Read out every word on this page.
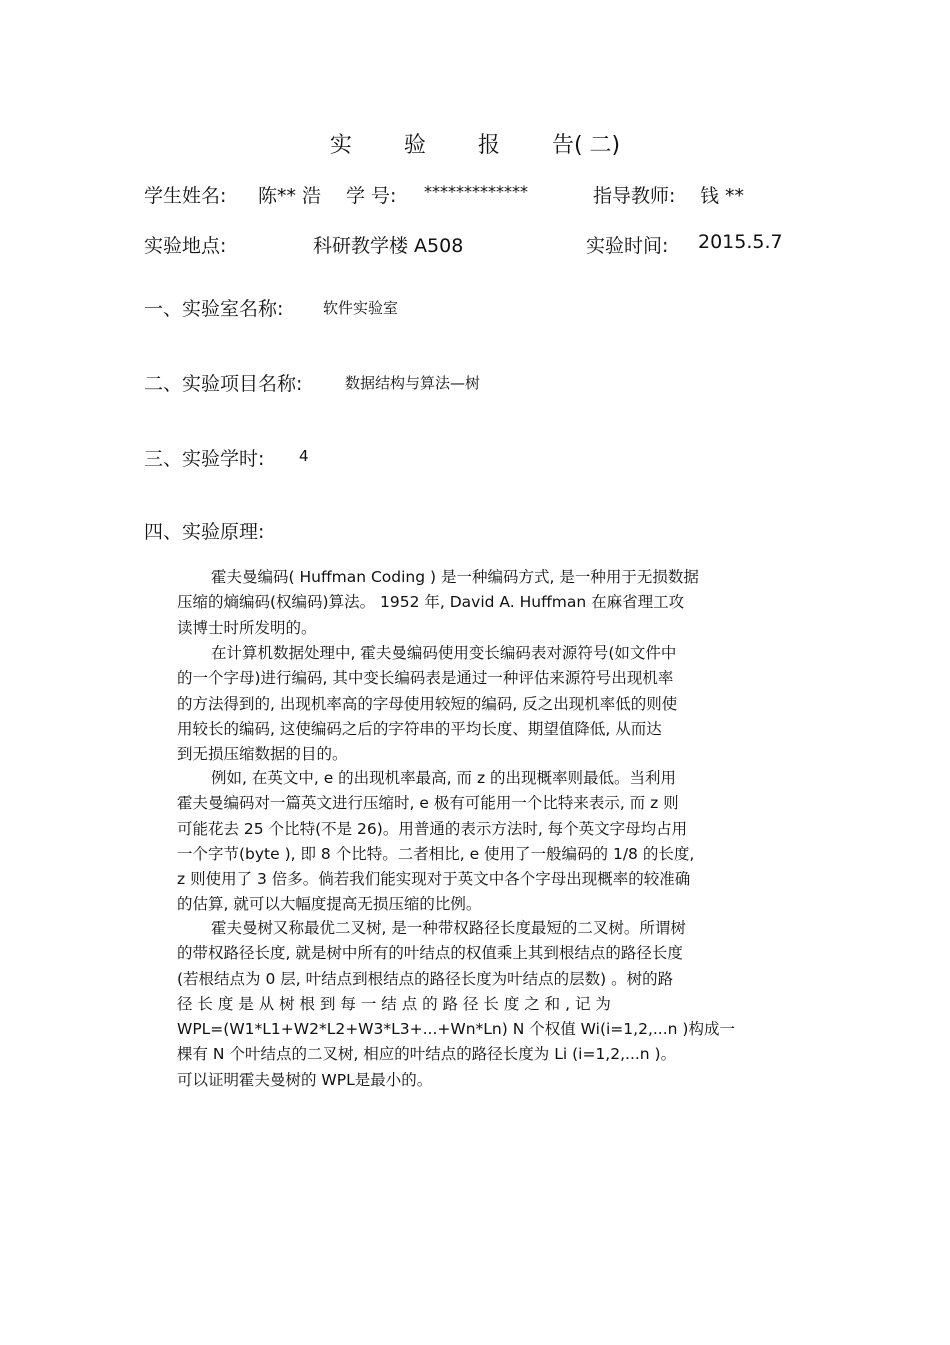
实 验 报 告( 二)
学生姓名: 陈** 浩 学 号: *************	指导教师: 钱 **
实验地点:	科研教学楼 A508	实验时间: 2015.5.7
一、实验室名称:	软件实验室
二、实验项目名称:	数据结构与算法—树
三、实验学时: 4
四、实验原理:
霍夫曼编码( Huffman Coding ) 是一种编码方式, 是一种用于无损数据
压缩的熵编码(权编码)算法。 1952 年, David A. Huffman 在麻省理工攻
读博士时所发明的。
在计算机数据处理中, 霍夫曼编码使用变长编码表对源符号(如文件中
的一个字母)进行编码, 其中变长编码表是通过一种评估来源符号出现机率
的方法得到的, 出现机率高的字母使用较短的编码, 反之出现机率低的则使
用较长的编码, 这使编码之后的字符串的平均长度、期望值降低, 从而达
到无损压缩数据的目的。
例如, 在英文中, e 的出现机率最高, 而 z 的出现概率则最低。当利用
霍夫曼编码对一篇英文进行压缩时, e 极有可能用一个比特来表示, 而 z 则
可能花去 25 个比特(不是 26)。用普通的表示方法时, 每个英文字母均占用
一个字节(byte ), 即 8 个比特。二者相比, e 使用了一般编码的 1/8 的长度,
z 则使用了 3 倍多。倘若我们能实现对于英文中各个字母出现概率的较准确
的估算, 就可以大幅度提高无损压缩的比例。
霍夫曼树又称最优二叉树, 是一种带权路径长度最短的二叉树。所谓树
的带权路径长度, 就是树中所有的叶结点的权值乘上其到根结点的路径长度
(若根结点为 0 层, 叶结点到根结点的路径长度为叶结点的层数) 。树的路
径 长 度 是 从 树 根 到 每 一 结 点 的 路 径 长 度 之 和 , 记 为
WPL=(W1*L1+W2*L2+W3*L3+...+Wn*Ln) N 个权值 Wi(i=1,2,...n )构成一
棵有 N 个叶结点的二叉树, 相应的叶结点的路径长度为 Li (i=1,2,...n )。
可以证明霍夫曼树的 WPL是最小的。
